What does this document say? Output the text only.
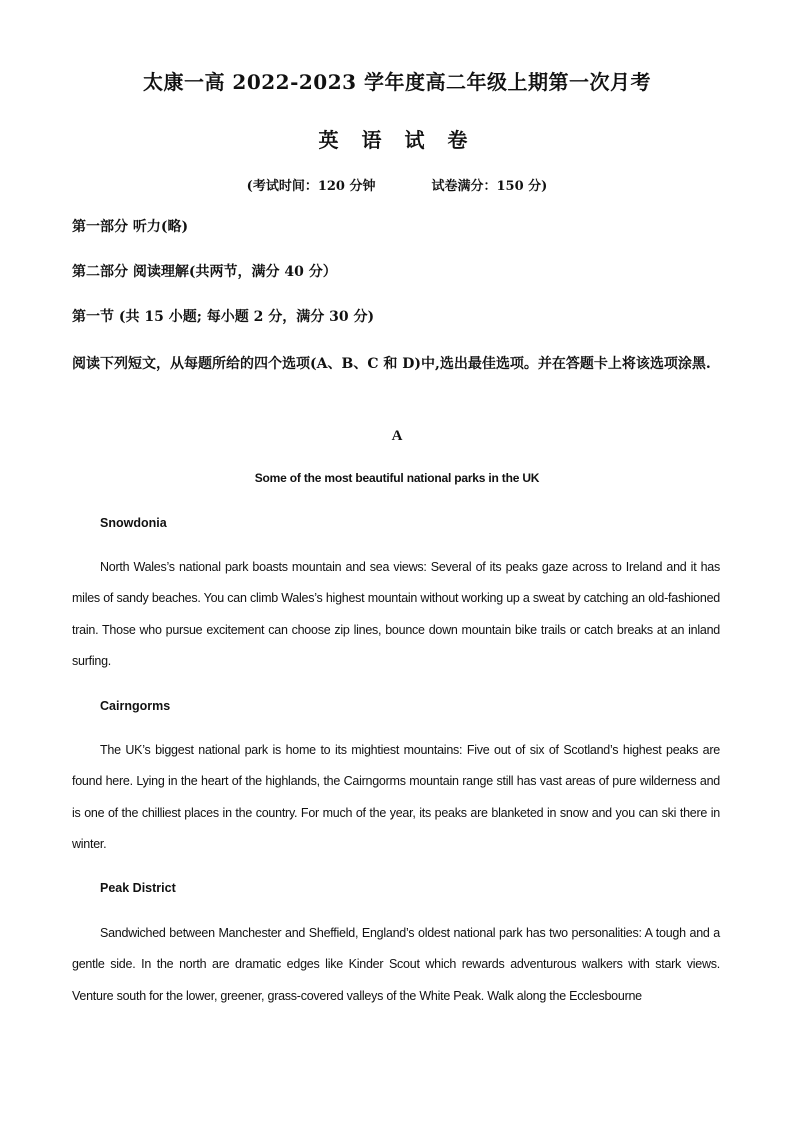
太康一高 2022-2023 学年度高二年级上期第一次月考
英 语 试 卷
(考试时间：120 分钟	试卷满分：150 分)
第一部分 听力(略)
第二部分 阅读理解(共两节，满分 40 分）
第一节 (共 15 小题; 每小题 2 分，满分 30 分)
阅读下列短文，从每题所给的四个选项(A、B、C 和 D)中,选出最佳选项。并在答题卡上将该选项涂黑.
A
Some of the most beautiful national parks in the UK
Snowdonia
North Wales’s national park boasts mountain and sea views: Several of its peaks gaze across to Ireland and it has miles of sandy beaches. You can climb Wales’s highest mountain without working up a sweat by catching an old-fashioned train. Those who pursue excitement can choose zip lines, bounce down mountain bike trails or catch breaks at an inland surfing.
Cairngorms
The UK’s biggest national park is home to its mightiest mountains: Five out of six of Scotland’s highest peaks are found here. Lying in the heart of the highlands, the Cairngorms mountain range still has vast areas of pure wilderness and is one of the chilliest places in the country. For much of the year, its peaks are blanketed in snow and you can ski there in winter.
Peak District
Sandwiched between Manchester and Sheffield, England’s oldest national park has two personalities: A tough and a gentle side. In the north are dramatic edges like Kinder Scout which rewards adventurous walkers with stark views. Venture south for the lower, greener, grass-covered valleys of the White Peak. Walk along the Ecclesbourne
